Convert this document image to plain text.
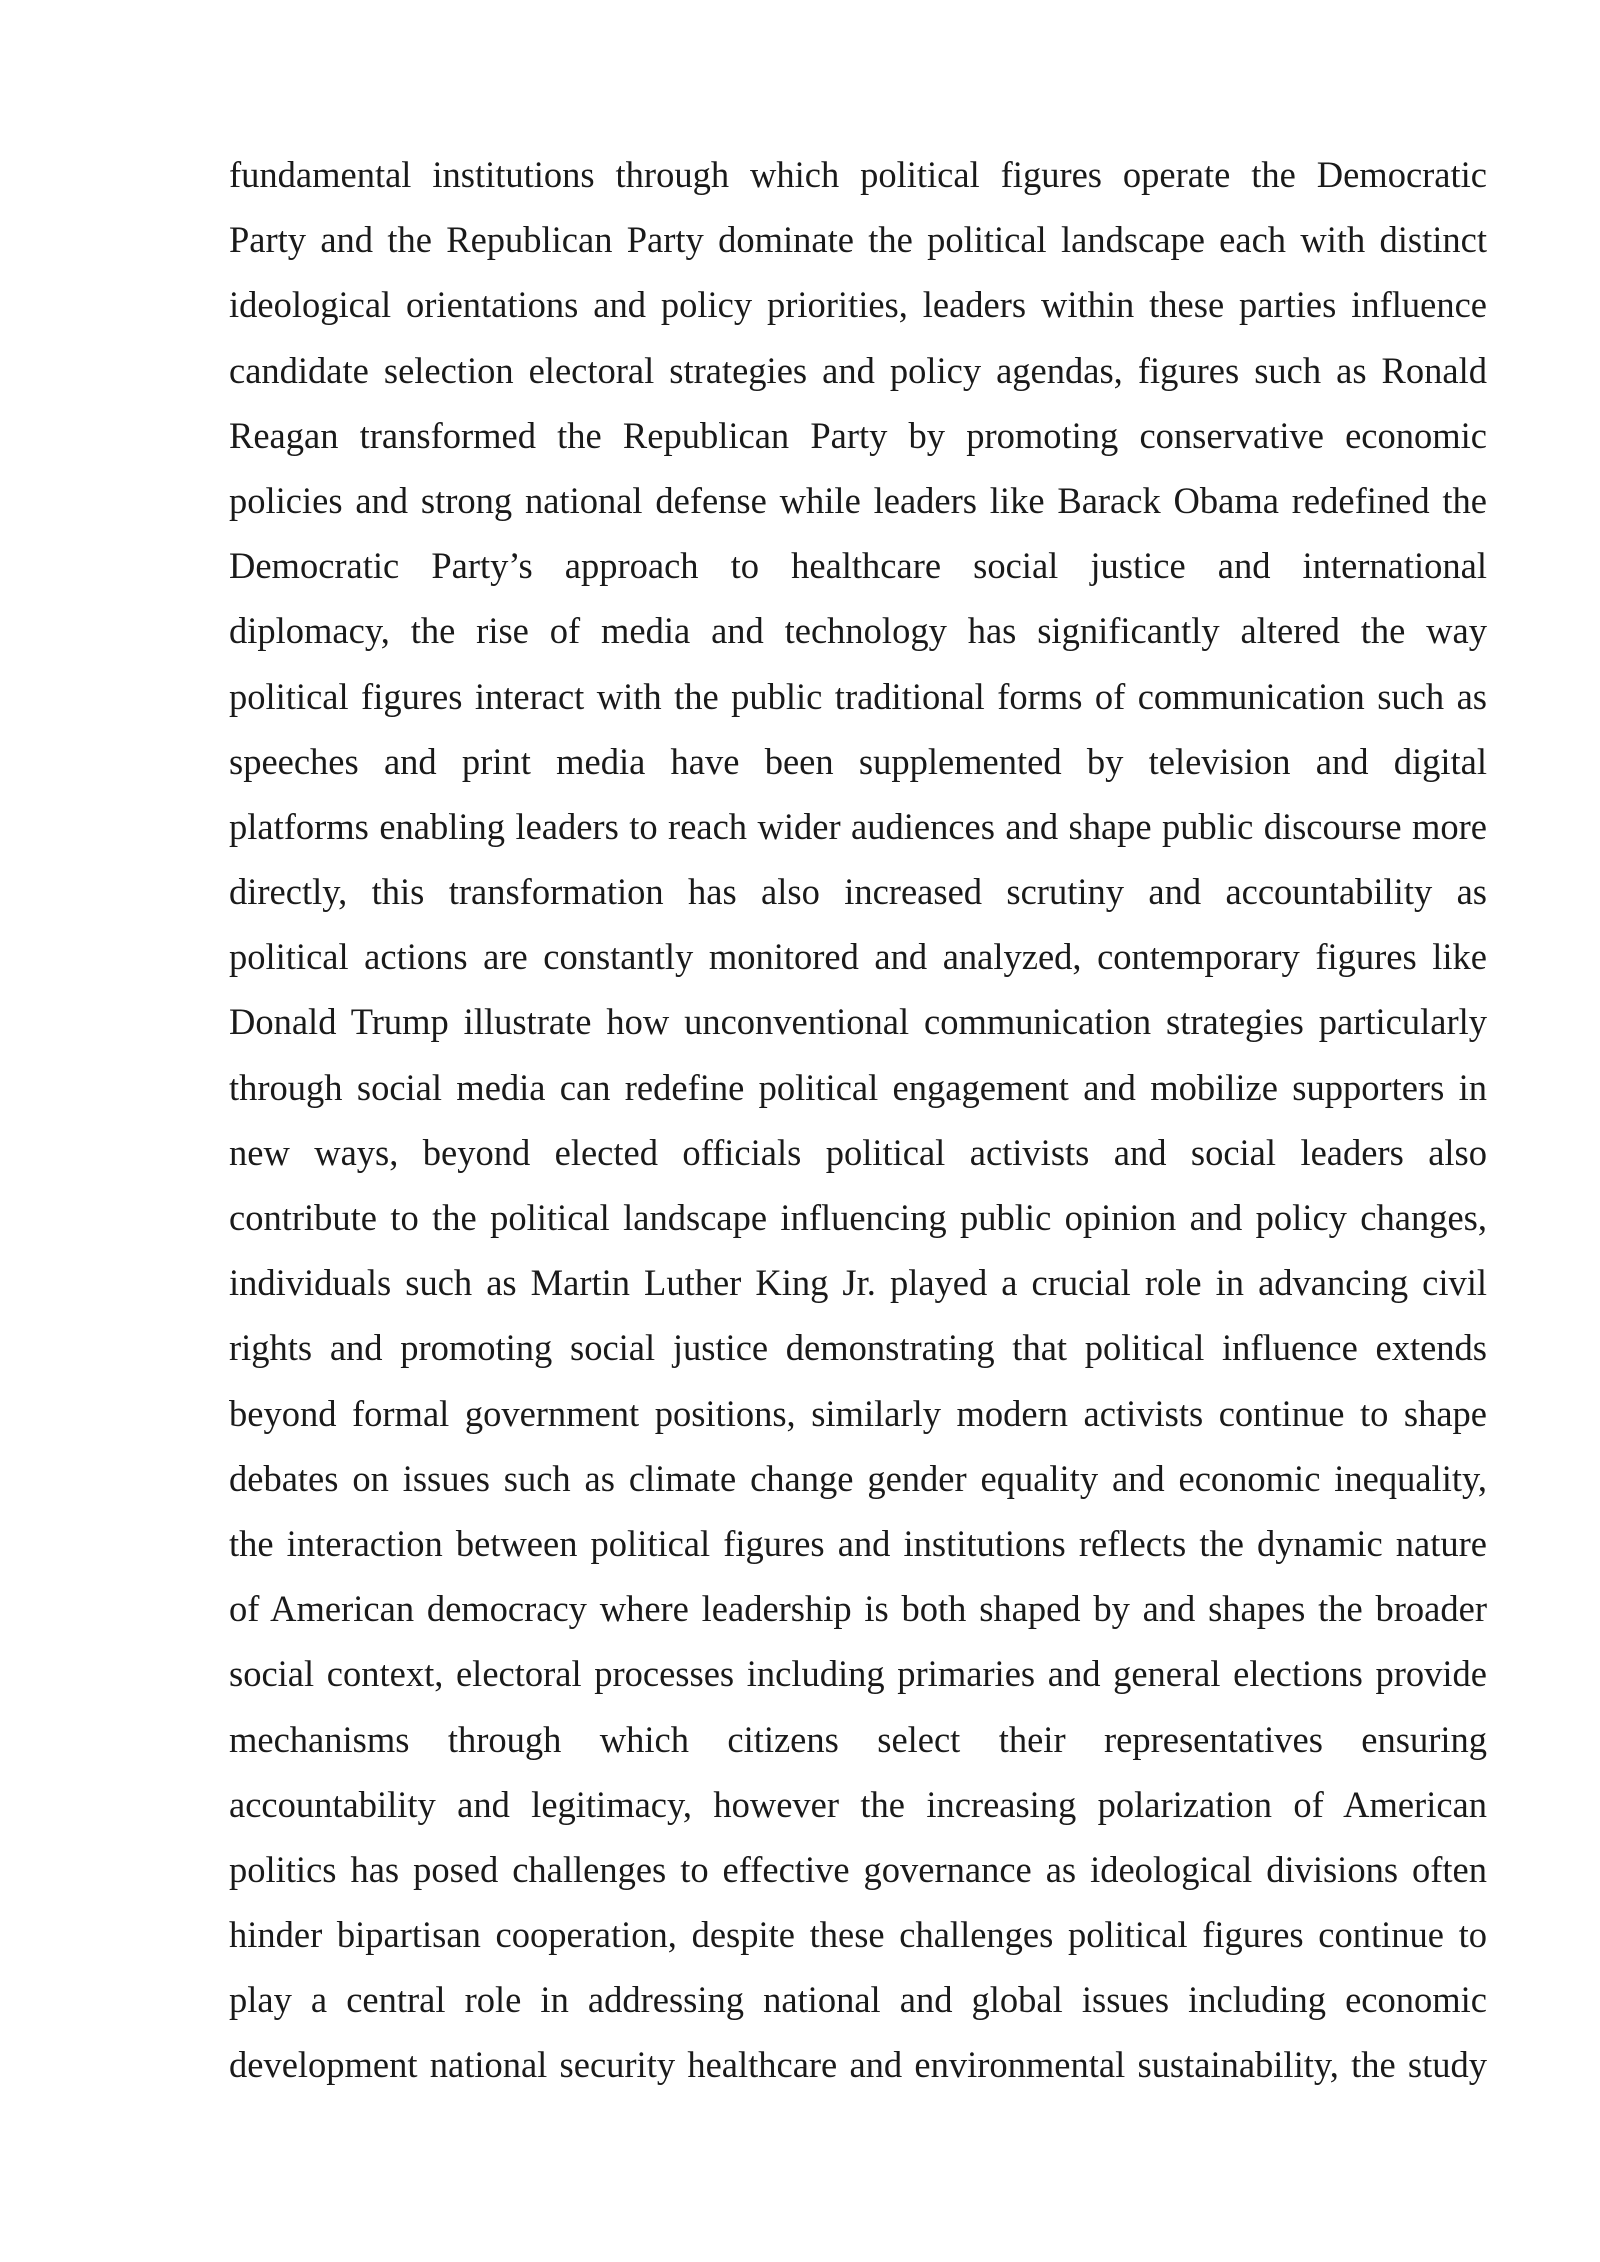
fundamental institutions through which political figures operate the Democratic
Party and the Republican Party dominate the political landscape each with distinct
ideological orientations and policy priorities, leaders within these parties influence
candidate selection electoral strategies and policy agendas, figures such as Ronald
Reagan transformed the Republican Party by promoting conservative economic
policies and strong national defense while leaders like Barack Obama redefined the
Democratic Party’s approach to healthcare social justice and international
diplomacy, the rise of media and technology has significantly altered the way
political figures interact with the public traditional forms of communication such as
speeches and print media have been supplemented by television and digital
platforms enabling leaders to reach wider audiences and shape public discourse more
directly, this transformation has also increased scrutiny and accountability as
political actions are constantly monitored and analyzed, contemporary figures like
Donald Trump illustrate how unconventional communication strategies particularly
through social media can redefine political engagement and mobilize supporters in
new ways, beyond elected officials political activists and social leaders also
contribute to the political landscape influencing public opinion and policy changes,
individuals such as Martin Luther King Jr. played a crucial role in advancing civil
rights and promoting social justice demonstrating that political influence extends
beyond formal government positions, similarly modern activists continue to shape
debates on issues such as climate change gender equality and economic inequality,
the interaction between political figures and institutions reflects the dynamic nature
of American democracy where leadership is both shaped by and shapes the broader
social context, electoral processes including primaries and general elections provide
mechanisms through which citizens select their representatives ensuring
accountability and legitimacy, however the increasing polarization of American
politics has posed challenges to effective governance as ideological divisions often
hinder bipartisan cooperation, despite these challenges political figures continue to
play a central role in addressing national and global issues including economic
development national security healthcare and environmental sustainability, the study
